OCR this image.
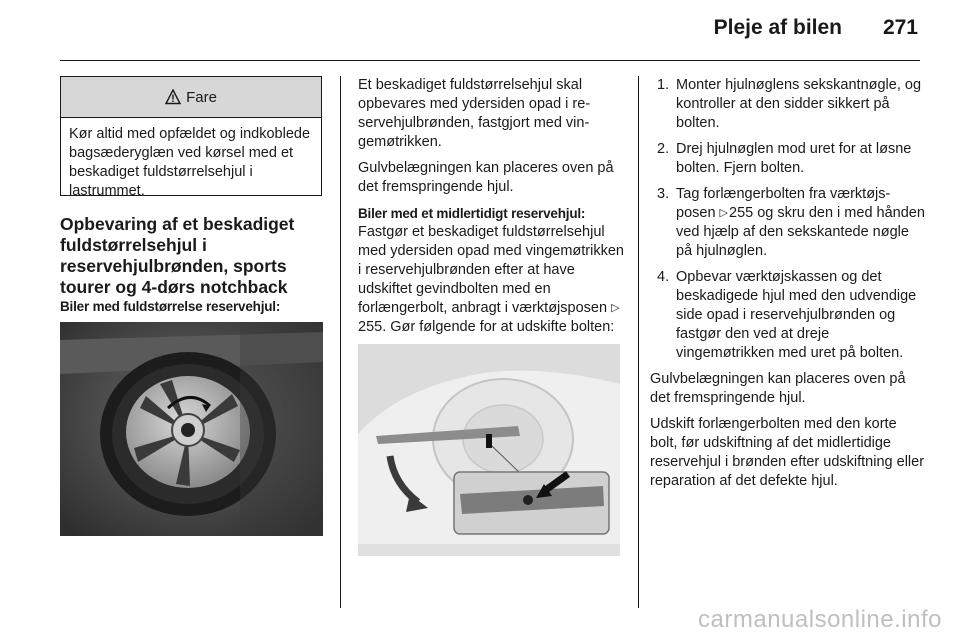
Pleje af bilen 271
Fare
Kør altid med opfældet og indkoblede bagsæderyglæn ved kørsel med et beskadiget fuldstørrelsehjul i lastrummet.
Opbevaring af et beskadiget fuldstørrelsehjul i reservehjulbrønden, sports tourer og 4-dørs notchback
Biler med fuldstørrelse reservehjul:

Et beskadiget fuldstørrelsehjul skal opbevares med ydersiden opad i reservehjulbrønden, fastgjort med vingemøtrikken.

Gulvbelægningen kan placeres oven på det fremspringende hjul.

Biler med et midlertidigt reservehjul:

Fastgør et beskadiget fuldstørrelsehjul med ydersiden opad med vingemøtrikken i reservehjulbrønden efter at have udskiftet gevindbolten med en forlængerbolt, anbragt i værktøjsposen ▷255. Gør følgende for at udskifte bolten:

1. Monter hjulnøglens sekskantnøgle, og kontroller at den sidder sikkert på bolten.
2. Drej hjulnøglen mod uret for at løsne bolten. Fjern bolten.
3. Tag forlængerbolten fra værktøjsposen ▷255 og skru den i med hånden ved hjælp af den sekskantede nøgle på hjulnøglen.
4. Opbevar værktøjskassen og det beskadigede hjul med den udvendige side opad i reservehjulbrønden og fastgør den ved at dreje vingemøtrikken med uret på bolten.

Gulvbelægningen kan placeres oven på det fremspringende hjul.

Udskift forlængerbolten med den korte bolt, før udskiftning af det midlertidige reservehjul i brønden efter udskiftning eller reparation af det defekte hjul.

carmanualsonline.info
